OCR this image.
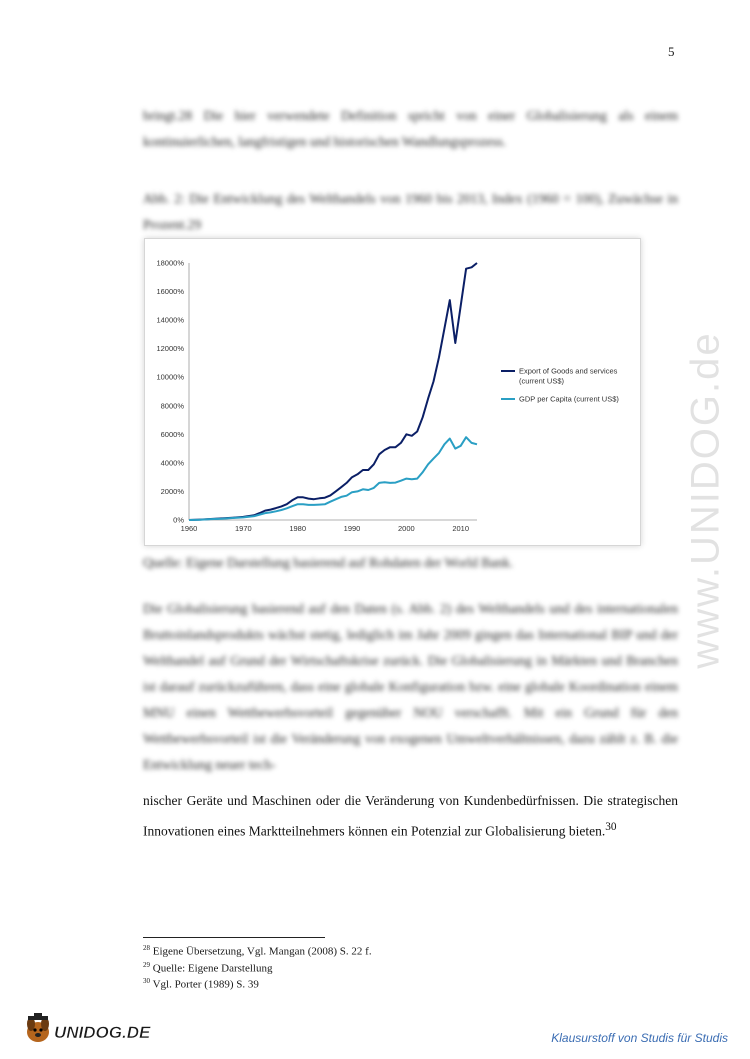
5
bringt.28 Die hier verwendete Definition spricht von einer Globalisierung als einem kontinuierlichen, langfristigen und historischen Wandlungsprozess.
Abb. 2: Die Entwicklung des Welthandels von 1960 bis 2013, Index (1960 = 100), Zuwächse in Prozent.29
0%
2000%
4000%
6000%
8000%
10000%
12000%
14000%
16000%
18000%
1960	1970	1980	1990	2000	2010
Export of Goods and services (current US$)
GDP per Capita (current US$)
Quelle: Eigene Darstellung basierend auf Rohdaten der World Bank.
Die Globalisierung basierend auf den Daten (s. Abb. 2) des Welthandels und des internationalen Bruttoinlandsprodukts wächst stetig, lediglich im Jahr 2009 gingen das International BIP und der Welthandel auf Grund der Wirtschaftskrise zurück. Die Globalisierung in Märkten und Branchen ist darauf zurückzuführen, dass eine globale Konfiguration bzw. eine globale Koordination einem MNU einen Wettbewerbsvorteil gegenüber NOU verschafft. Mit ein Grund für den Wettbewerbsvorteil ist die Veränderung von exogenen Umweltverhältnissen, dazu zählt z. B. die Entwicklung neuer tech-
nischer Geräte und Maschinen oder die Veränderung von Kundenbedürfnissen. Die strategischen Innovationen eines Marktteilnehmers können ein Potenzial zur Globalisierung bieten.$^{30}$
$^{28}$ Eigene Übersetzung, Vgl. Mangan (2008) S. 22 f.
$^{29}$ Quelle: Eigene Darstellung
$^{30}$ Vgl. Porter (1989) S. 39
www.UNIDOG.de
UNIDOG.DE	Klausurstoff von Studis für Studis
